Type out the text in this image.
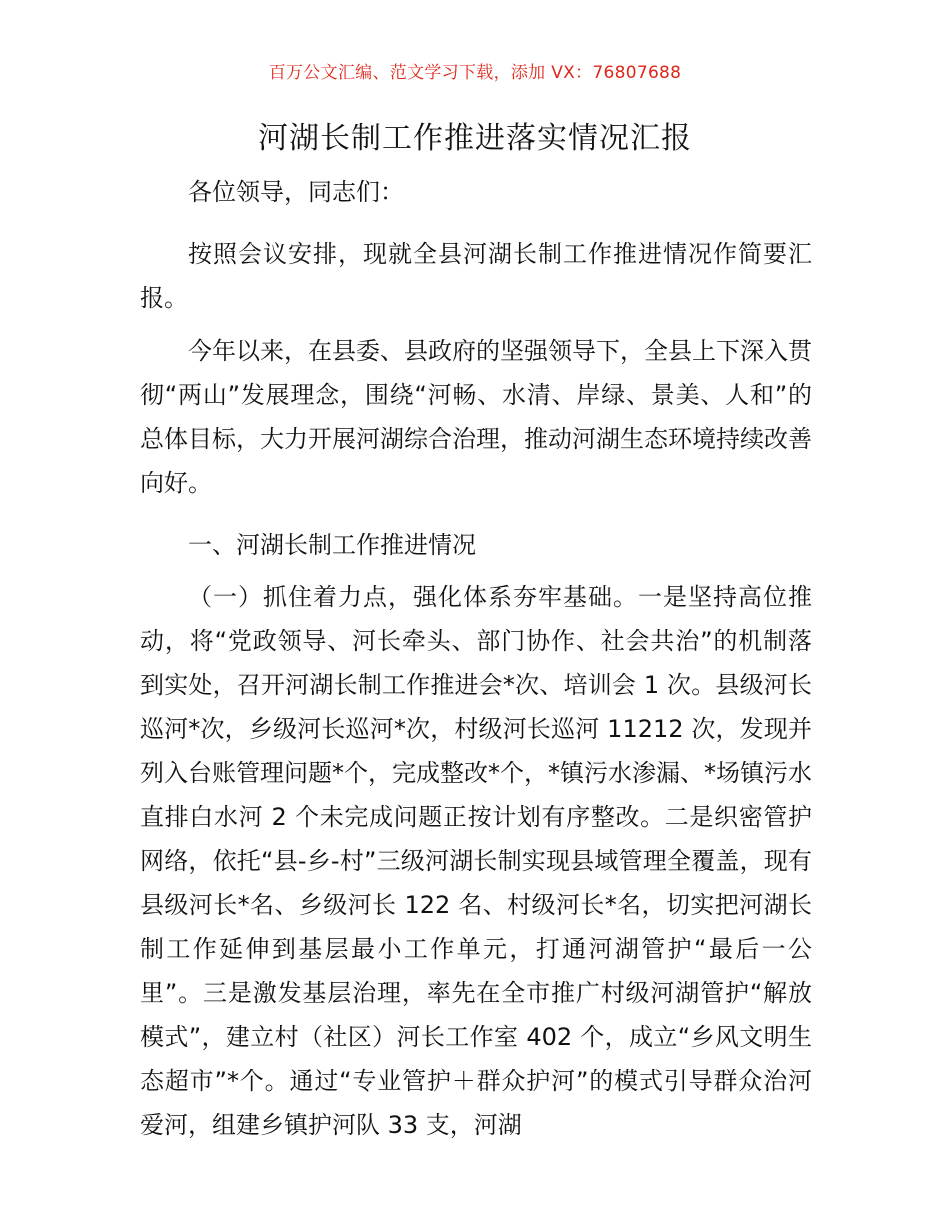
百万公文汇编、范文学习下载，添加 VX：76807688
河湖长制工作推进落实情况汇报

各位领导，同志们：

按照会议安排，现就全县河湖长制工作推进情况作简要汇报。

今年以来，在县委、县政府的坚强领导下，全县上下深入贯彻“两山”发展理念，围绕“河畅、水清、岸绿、景美、人和”的总体目标，大力开展河湖综合治理，推动河湖生态环境持续改善向好。

一、河湖长制工作推进情况

（一）抓住着力点，强化体系夯牢基础。一是坚持高位推动，将“党政领导、河长牵头、部门协作、社会共治”的机制落到实处，召开河湖长制工作推进会*次、培训会 1 次。县级河长巡河*次，乡级河长巡河*次，村级河长巡河 11212 次，发现并列入台账管理问题*个，完成整改*个，*镇污水渗漏、*场镇污水直排白水河 2 个未完成问题正按计划有序整改。二是织密管护网络，依托“县-乡-村”三级河湖长制实现县域管理全覆盖，现有县级河长*名、乡级河长 122 名、村级河长*名，切实把河湖长制工作延伸到基层最小工作单元，打通河湖管护“最后一公里”。三是激发基层治理，率先在全市推广村级河湖管护“解放模式”，建立村（社区）河长工作室 402 个，成立“乡风文明生态超市”*个。通过“专业管护＋群众护河”的模式引导群众治河爱河，组建乡镇护河队 33 支，河湖
